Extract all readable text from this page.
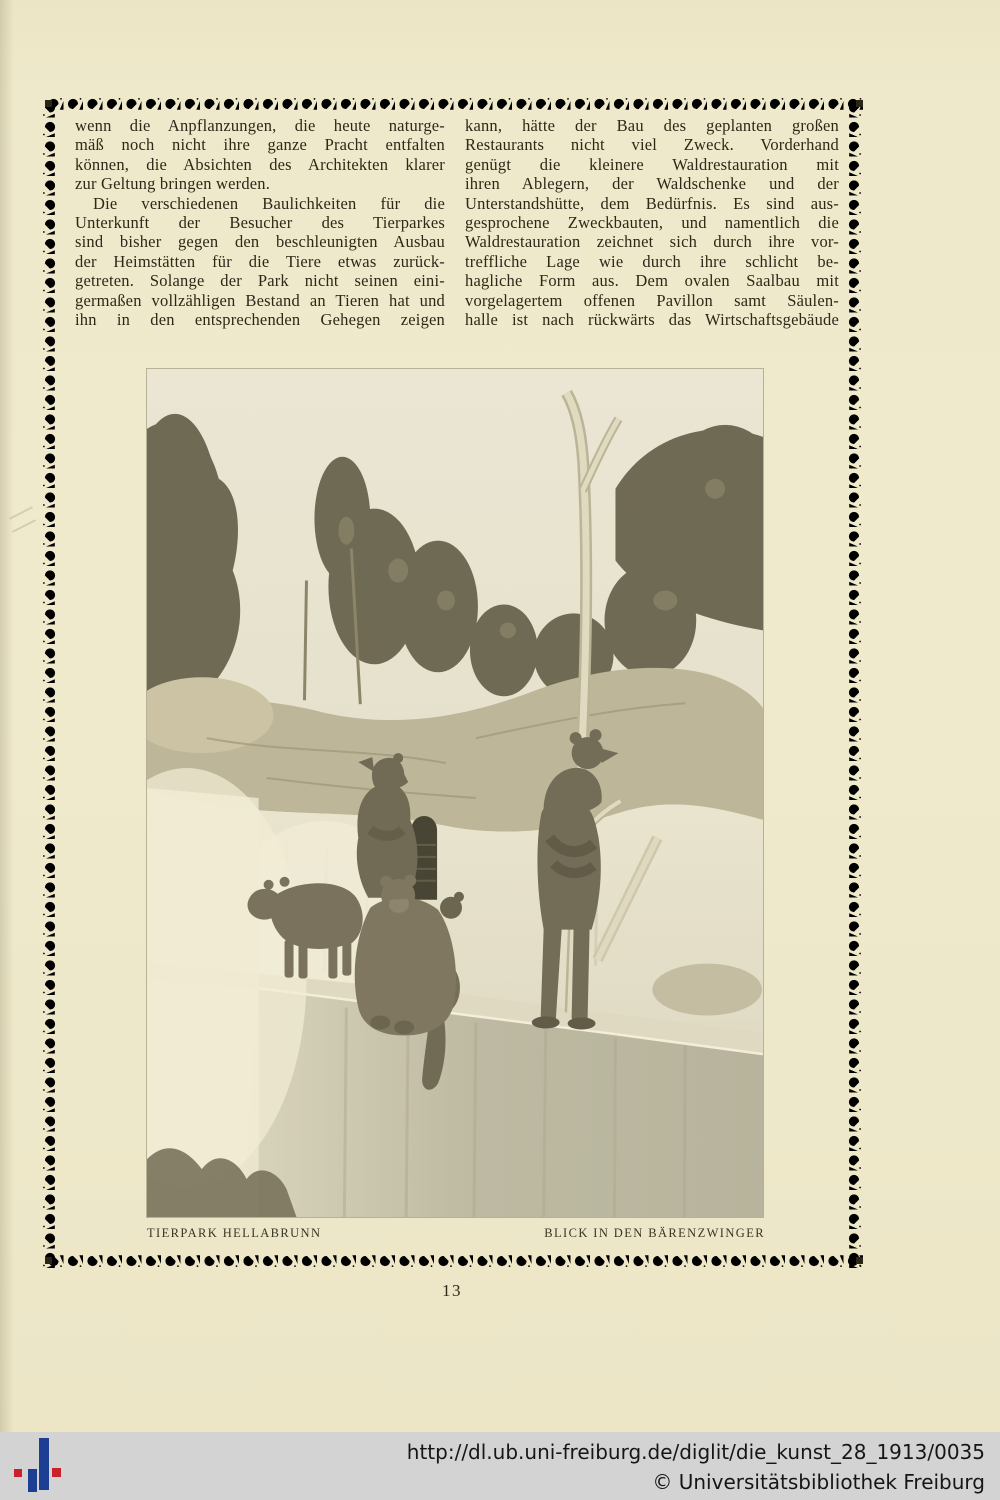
wenn die Anpflanzungen, die heute naturge-
mäß noch nicht ihre ganze Pracht entfalten
können, die Absichten des Architekten klarer
zur Geltung bringen werden.
Die verschiedenen Baulichkeiten für die
Unterkunft der Besucher des Tierparkes
sind bisher gegen den beschleunigten Ausbau
der Heimstätten für die Tiere etwas zurück-
getreten. Solange der Park nicht seinen eini-
germaßen vollzähligen Bestand an Tieren hat und
ihn in den entsprechenden Gehegen zeigen
kann, hätte der Bau des geplanten großen
Restaurants nicht viel Zweck. Vorderhand
genügt die kleinere Waldrestauration mit
ihren Ablegern, der Waldschenke und der
Unterstandshütte, dem Bedürfnis. Es sind aus-
gesprochene Zweckbauten, und namentlich die
Waldrestauration zeichnet sich durch ihre vor-
treffliche Lage wie durch ihre schlicht be-
hagliche Form aus. Dem ovalen Saalbau mit
vorgelagertem offenen Pavillon samt Säulen-
halle ist nach rückwärts das Wirtschaftsgebäude
TIERPARK HELLABRUNN	BLICK IN DEN BÄRENZWINGER
13
http://dl.ub.uni-freiburg.de/diglit/die_kunst_28_1913/0035
© Universitätsbibliothek Freiburg
